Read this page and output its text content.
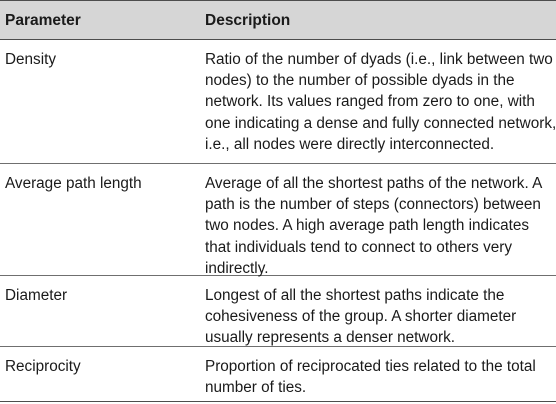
Parameter	Description
Density	Ratio of the number of dyads (i.e., link between two
nodes) to the number of possible dyads in the
network. Its values ranged from zero to one, with
one indicating a dense and fully connected network,
i.e., all nodes were directly interconnected.
Average path length	Average of all the shortest paths of the network. A
path is the number of steps (connectors) between
two nodes. A high average path length indicates
that individuals tend to connect to others very
indirectly.
Diameter	Longest of all the shortest paths indicate the
cohesiveness of the group. A shorter diameter
usually represents a denser network.
Reciprocity	Proportion of reciprocated ties related to the total
number of ties.
